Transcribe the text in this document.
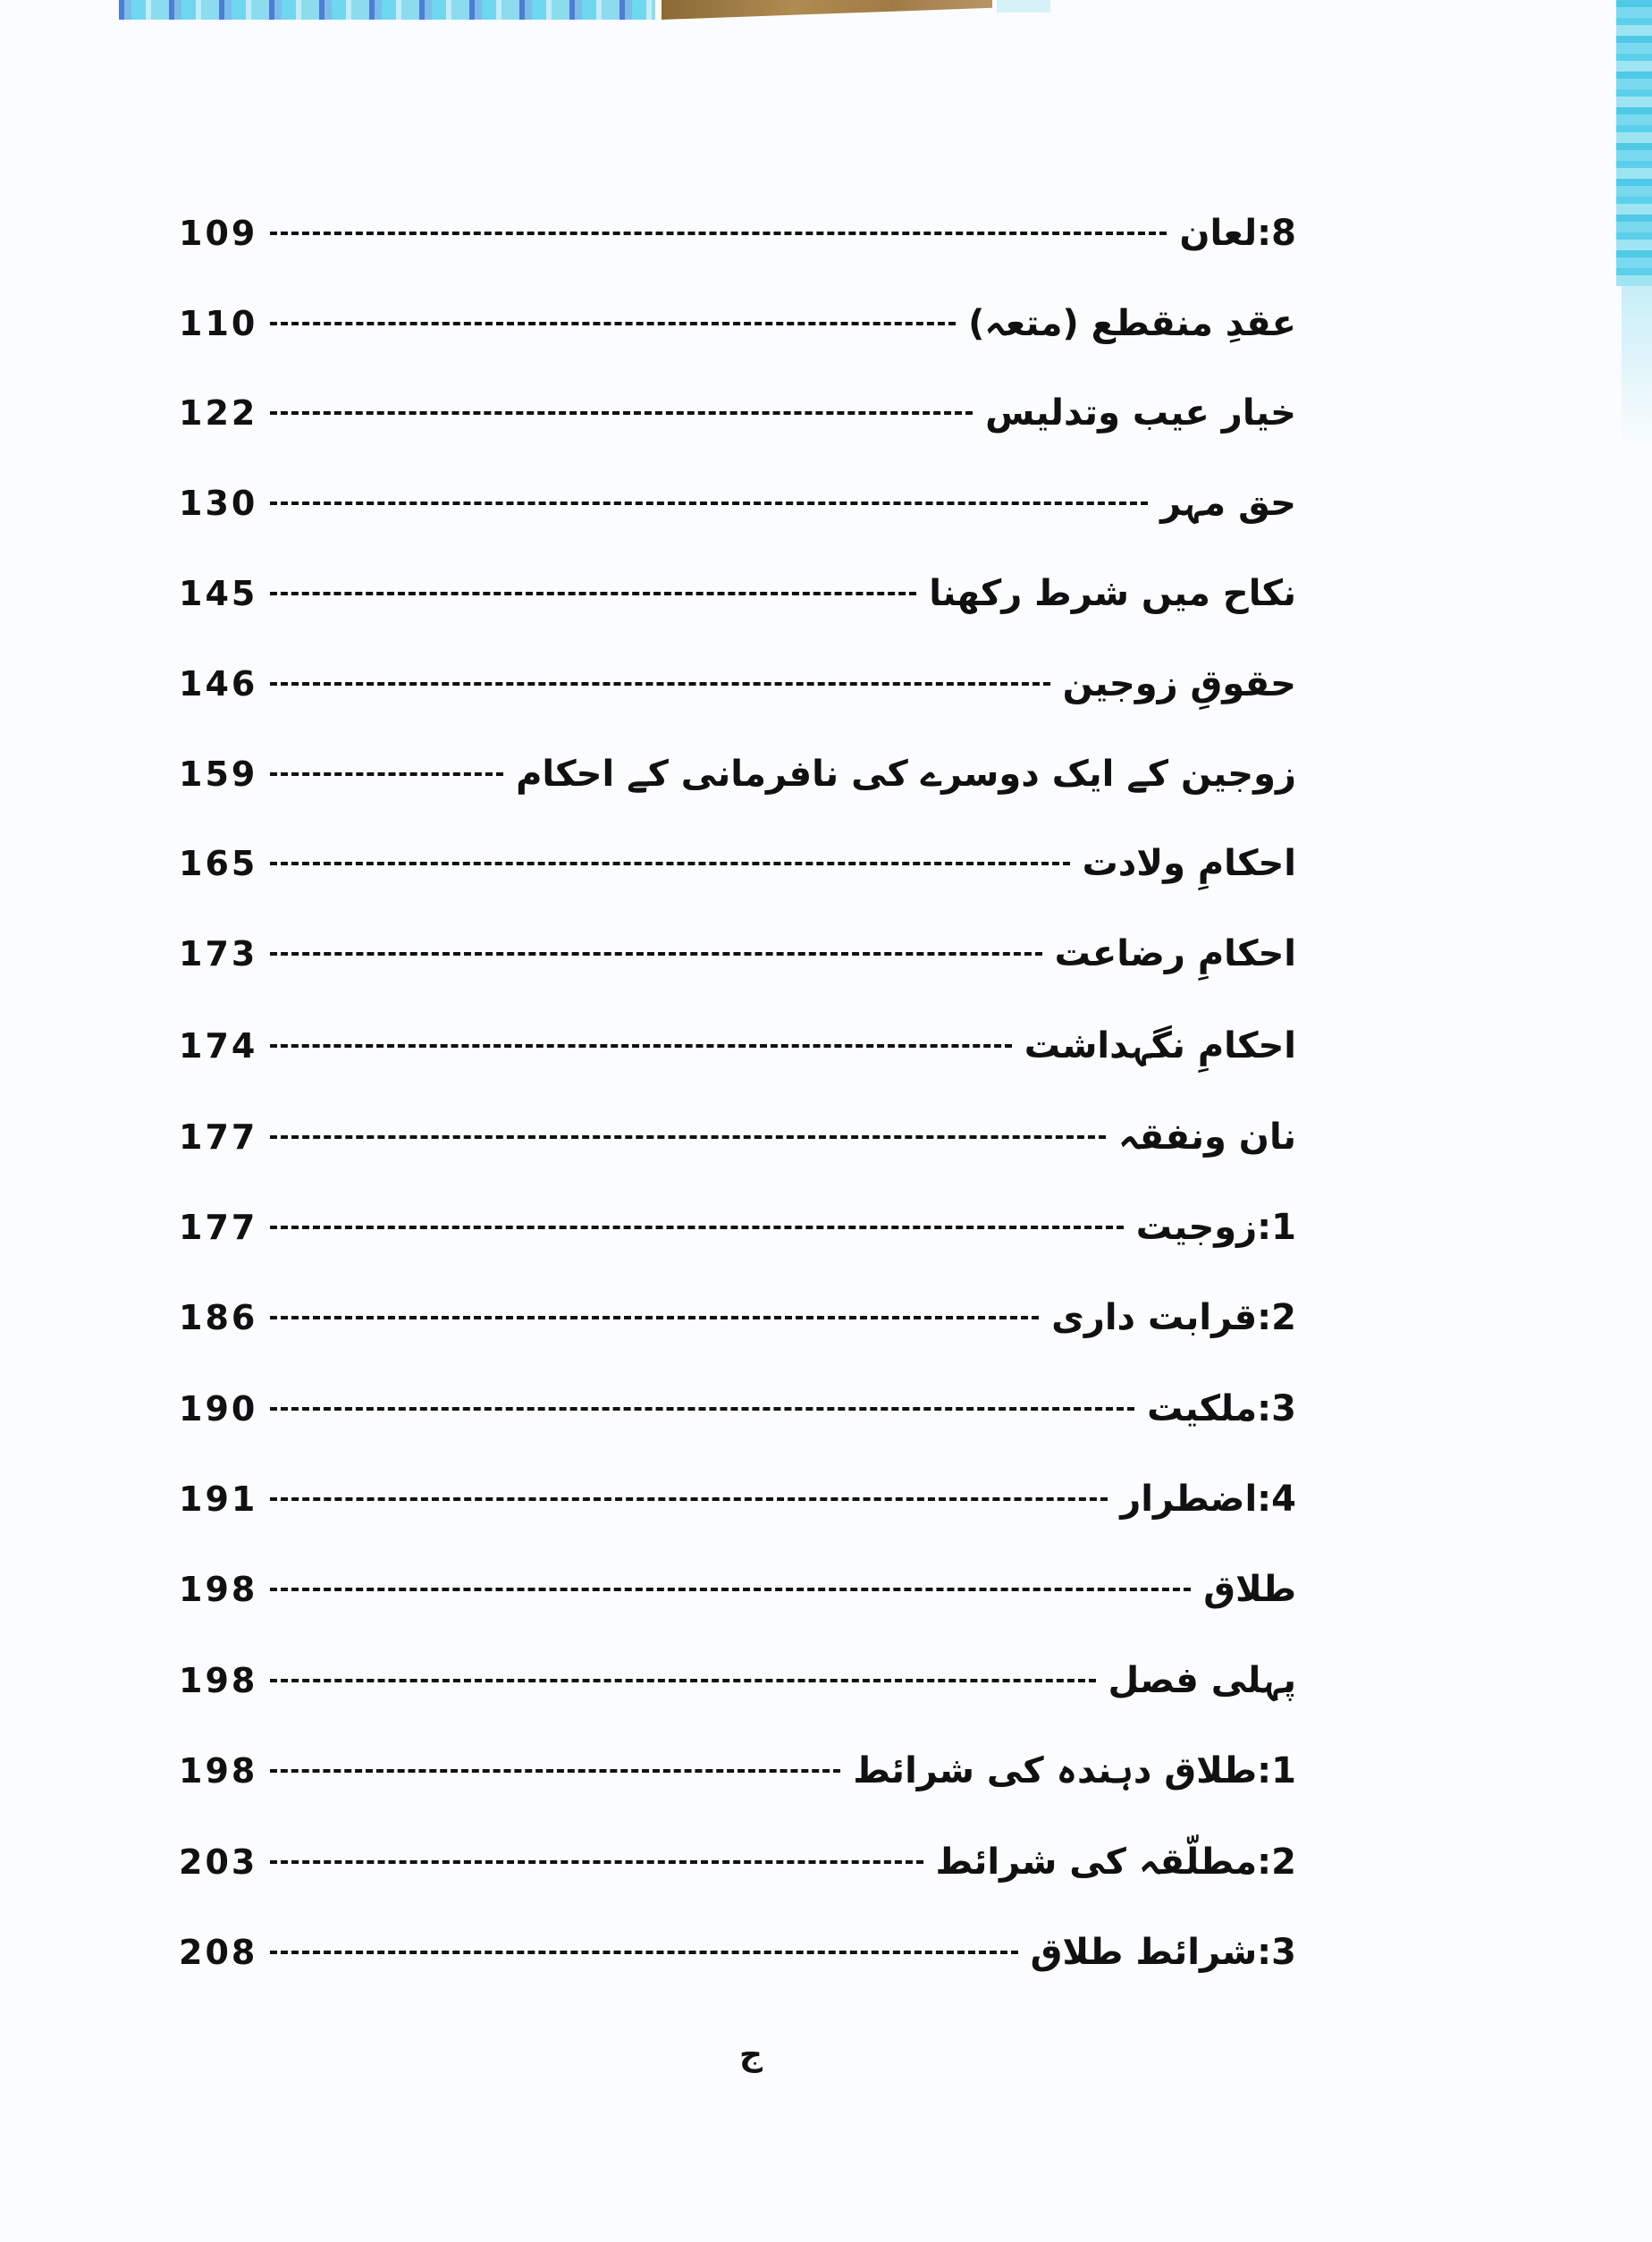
109	8:لعان
110	عقدِ منقطع (متعہ)
122	خیار عیب وتدلیس
130	حق مہر
145	نکاح میں شرط رکھنا
146	حقوقِ زوجین
159	زوجین کے ایک دوسرے کی نافرمانی کے احکام
165	احکامِ ولادت
173	احکامِ رضاعت
174	احکامِ نگہداشت
177	نان ونفقہ
177	1:زوجیت
186	2:قرابت داری
190	3:ملکیت
191	4:اضطرار
198	طلاق
198	پہلی فصل
198	1:طلاق دہندہ کی شرائط
203	2:مطلّقہ کی شرائط
208	3:شرائط طلاق
ج
